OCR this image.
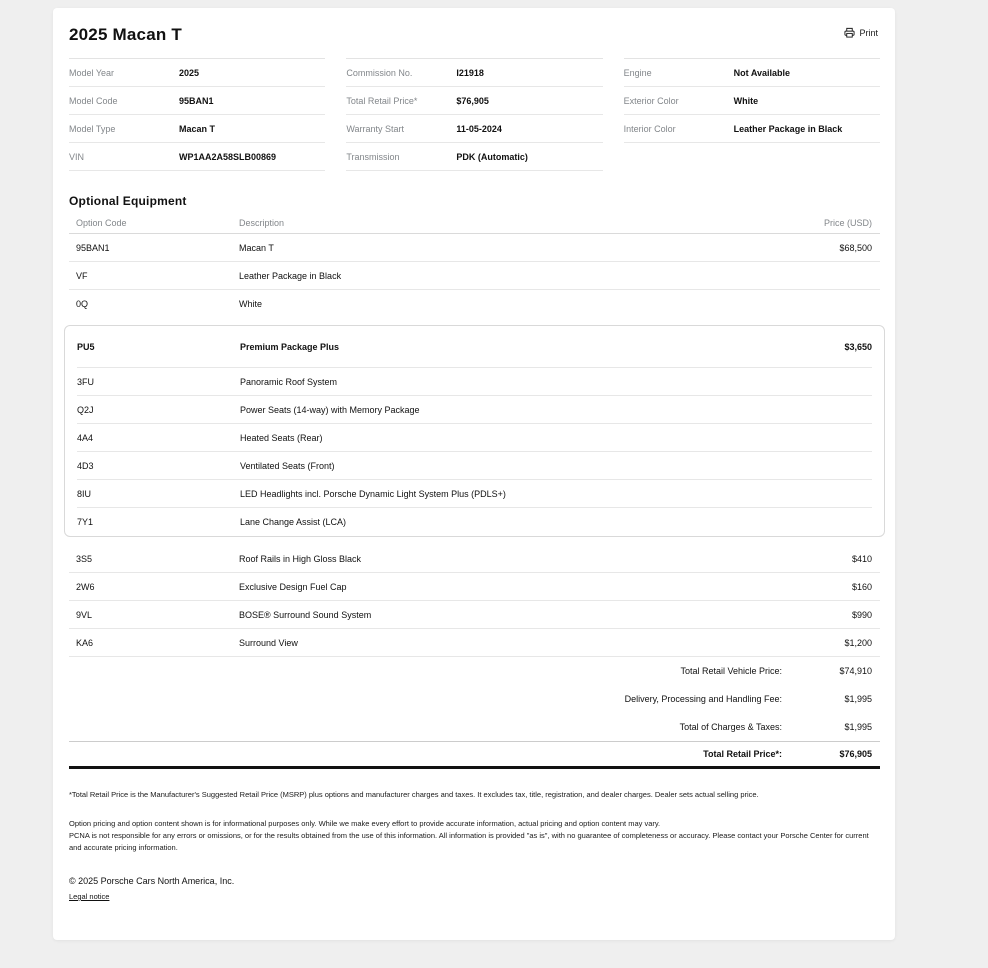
2025 Macan T	Print
Model Year	2025
Model Code	95BAN1
Model Type	Macan T
VIN	WP1AA2A58SLB00869
Commission No.	I21918
Total Retail Price*	$76,905
Warranty Start	11-05-2024
Transmission	PDK (Automatic)
Engine	Not Available
Exterior Color	White
Interior Color	Leather Package in Black
Optional Equipment
Option Code	Description	Price (USD)
95BAN1	Macan T	$68,500
VF	Leather Package in Black
0Q	White
PU5	Premium Package Plus	$3,650
3FU	Panoramic Roof System
Q2J	Power Seats (14-way) with Memory Package
4A4	Heated Seats (Rear)
4D3	Ventilated Seats (Front)
8IU	LED Headlights incl. Porsche Dynamic Light System Plus (PDLS+)
7Y1	Lane Change Assist (LCA)
3S5	Roof Rails in High Gloss Black	$410
2W6	Exclusive Design Fuel Cap	$160
9VL	BOSE® Surround Sound System	$990
KA6	Surround View	$1,200
Total Retail Vehicle Price:	$74,910
Delivery, Processing and Handling Fee:	$1,995
Total of Charges & Taxes:	$1,995
Total Retail Price*:	$76,905
*Total Retail Price is the Manufacturer's Suggested Retail Price (MSRP) plus options and manufacturer charges and taxes. It excludes tax, title, registration, and dealer charges. Dealer sets actual selling price.
Option pricing and option content shown is for informational purposes only. While we make every effort to provide accurate information, actual pricing and option content may vary.
PCNA is not responsible for any errors or omissions, or for the results obtained from the use of this information. All information is provided "as is", with no guarantee of completeness or accuracy. Please contact your Porsche Center for current and accurate pricing information.
© 2025 Porsche Cars North America, Inc.
Legal notice
